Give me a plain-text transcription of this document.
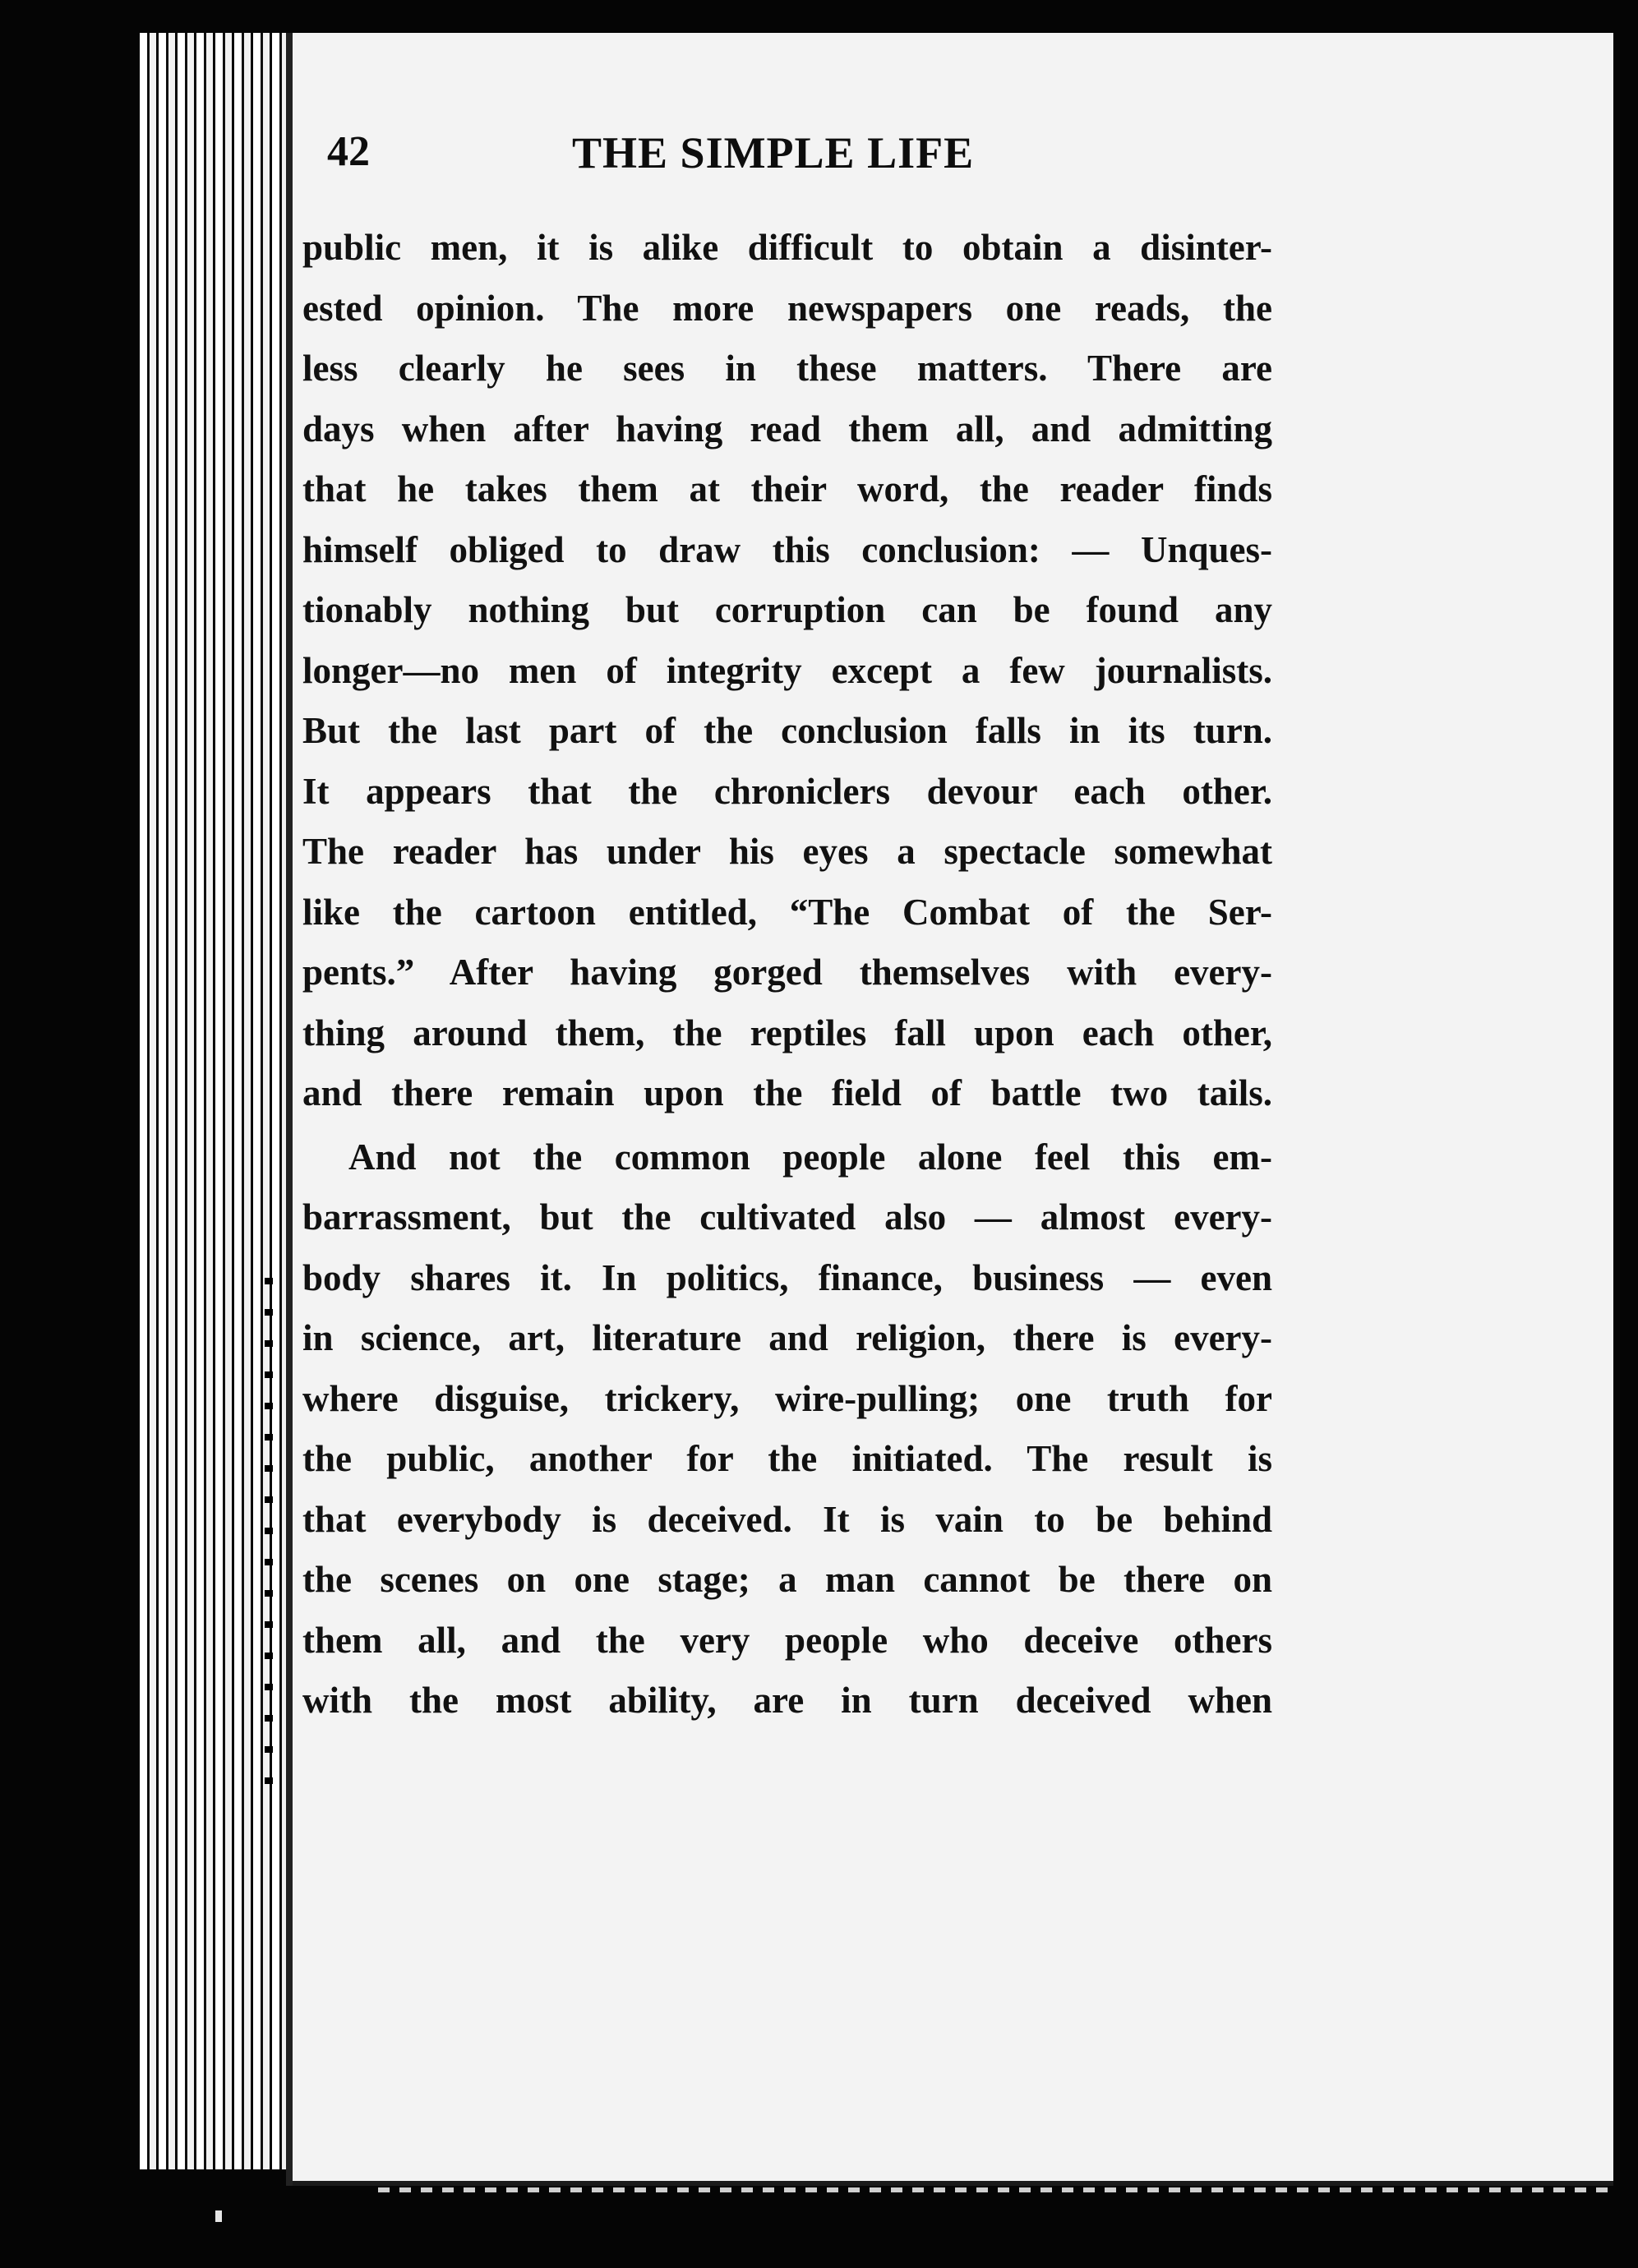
42	THE SIMPLE LIFE
public men, it is alike difficult to obtain a disinter-
ested opinion. The more newspapers one reads, the
less clearly he sees in these matters. There are
days when after having read them all, and admitting
that he takes them at their word, the reader finds
himself obliged to draw this conclusion: — Unques-
tionably nothing but corruption can be found any
longer—no men of integrity except a few journalists.
But the last part of the conclusion falls in its turn.
It appears that the chroniclers devour each other.
The reader has under his eyes a spectacle somewhat
like the cartoon entitled, “The Combat of the Ser-
pents.” After having gorged themselves with every-
thing around them, the reptiles fall upon each other,
and there remain upon the field of battle two tails.
And not the common people alone feel this em-
barrassment, but the cultivated also — almost every-
body shares it. In politics, finance, business — even
in science, art, literature and religion, there is every-
where disguise, trickery, wire-pulling; one truth for
the public, another for the initiated. The result is
that everybody is deceived. It is vain to be behind
the scenes on one stage; a man cannot be there on
them all, and the very people who deceive others
with the most ability, are in turn deceived when
